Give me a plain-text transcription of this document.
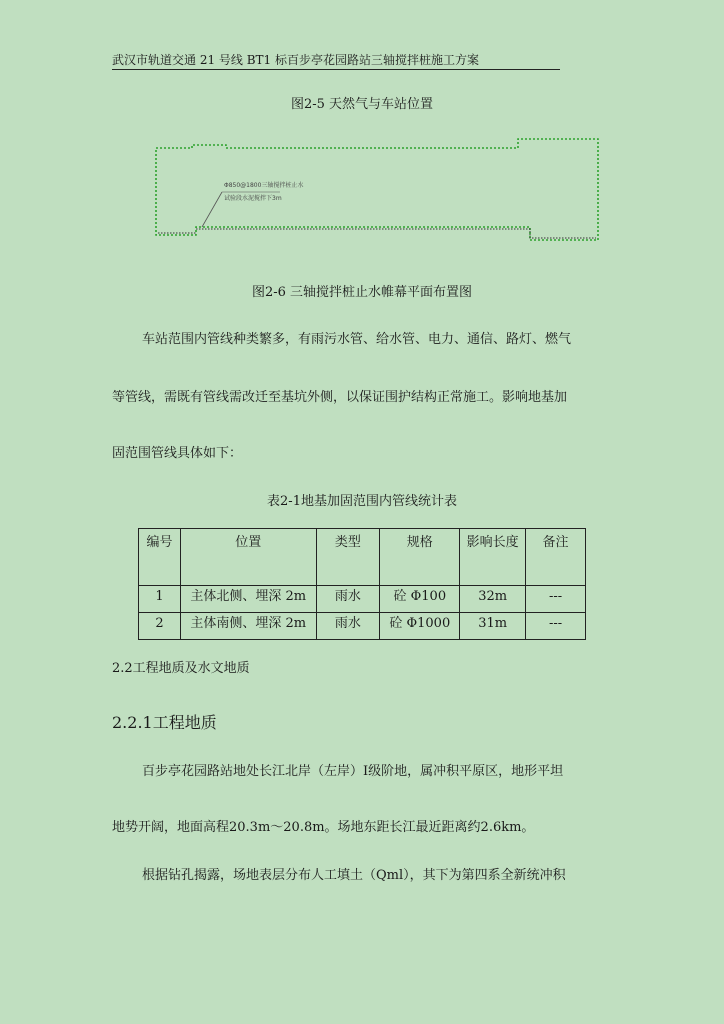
武汉市轨道交通 21 号线 BT1 标百步亭花园路站三轴搅拌桩施工方案
图2-5 天然气与车站位置
Φ850@1800三轴搅拌桩止水
试验段水泥搅拌下3m
图2-6 三轴搅拌桩止水帷幕平面布置图
车站范围内管线种类繁多，有雨污水管、给水管、电力、通信、路灯、燃气
等管线，需既有管线需改迁至基坑外侧，以保证围护结构正常施工。影响地基加
固范围管线具体如下：
表2-1地基加固范围内管线统计表
编号	位置	类型	规格	影响长度	备注
1	主体北侧、埋深 2m	雨水	砼 Φ100	32m	---
2	主体南侧、埋深 2m	雨水	砼 Φ1000	31m	---
2.2工程地质及水文地质
2.2.1工程地质
百步亭花园路站地处长江北岸（左岸）Ⅰ级阶地，属冲积平原区，地形平坦
地势开阔，地面高程20.3m～20.8m。场地东距长江最近距离约2.6km。
根据钻孔揭露，场地表层分布人工填土（Qml），其下为第四系全新统冲积
